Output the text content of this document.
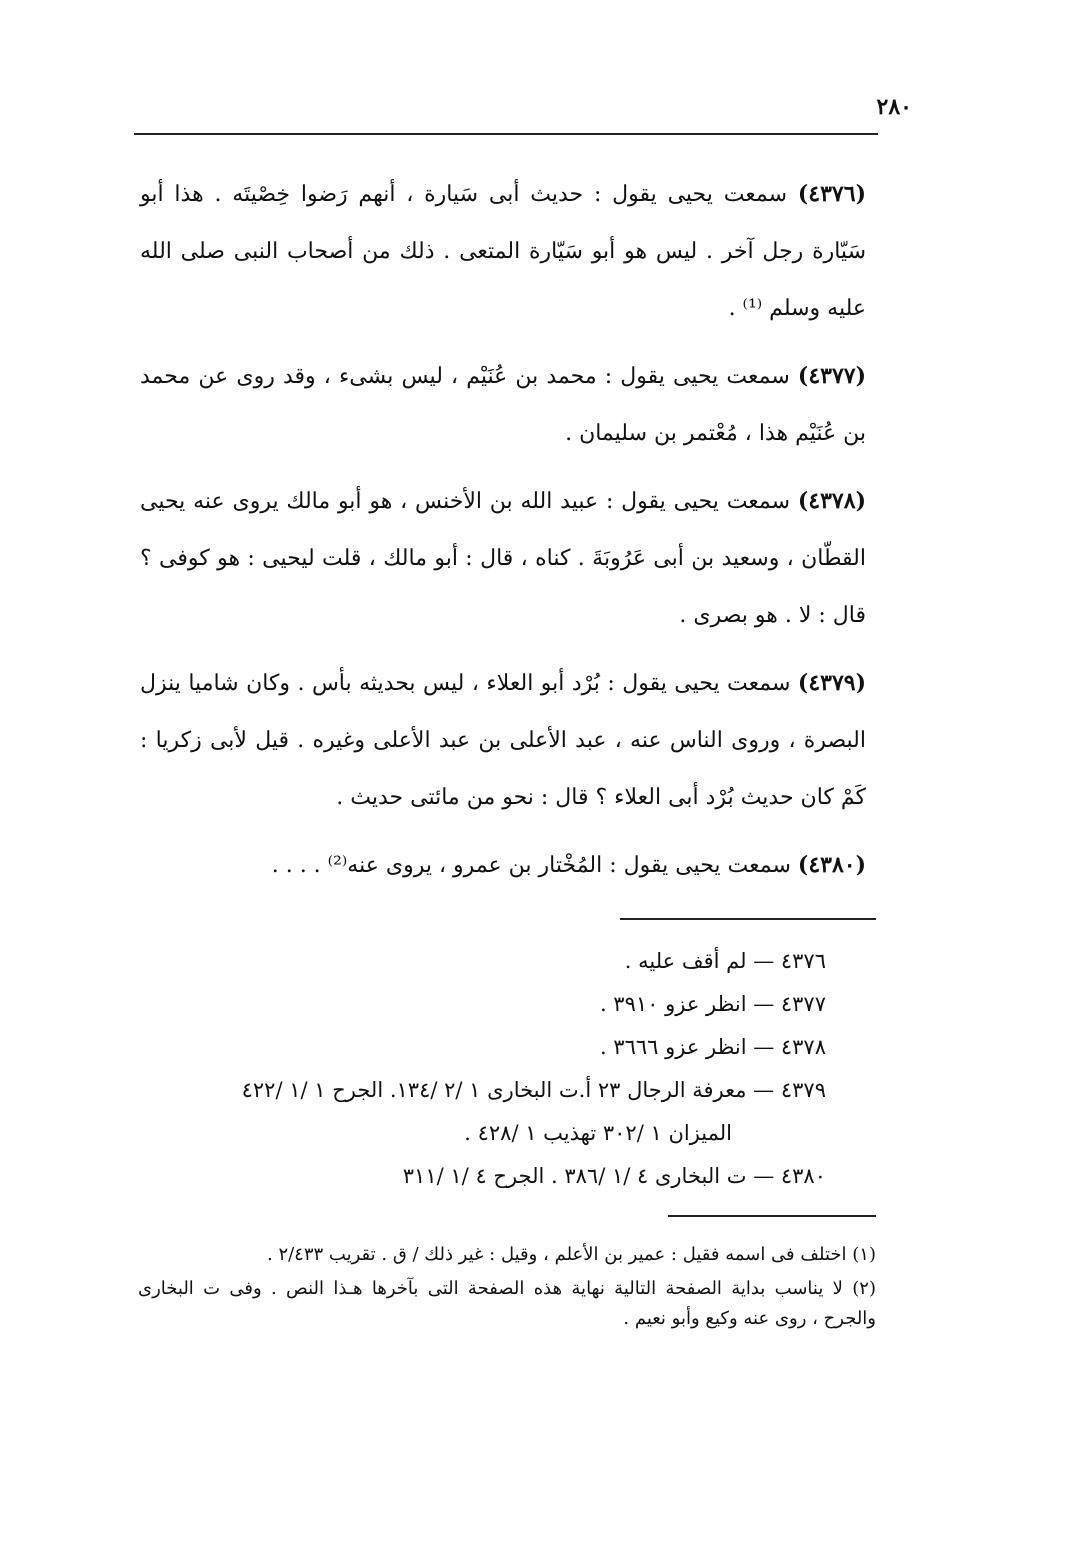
٢٨٠

(٤٣٧٦) سمعت يحيى يقول : حديث أبى سَيارة ، أنهم رَضوا خِصْيتَه . هذا أبو سَيّارة رجل آخر . ليس هو أبو سَيّارة المتعى . ذلك من أصحاب النبى صلى الله عليه وسلم ⁽¹⁾ .

(٤٣٧٧) سمعت يحيى يقول : محمد بن عُنَيْم ، ليس بشىء ، وقد روى عن محمد بن عُنَيْم هذا ، مُعْتمر بن سليمان .

(٤٣٧٨) سمعت يحيى يقول : عبيد الله بن الأخنس ، هو أبو مالك يروى عنه يحيى القطّان ، وسعيد بن أبى عَرُوبَةَ . كناه ، قال : أبو مالك ، قلت ليحيى : هو كوفى ؟ قال : لا . هو بصرى .

(٤٣٧٩) سمعت يحيى يقول : بُرْد أبو العلاء ، ليس بحديثه بأس . وكان شاميا ينزل البصرة ، وروى الناس عنه ، عبد الأعلى بن عبد الأعلى وغيره . قيل لأبى زكريا : كَمْ كان حديث بُرْد أبى العلاء ؟ قال : نحو من مائتى حديث .

(٤٣٨٠) سمعت يحيى يقول : المُخْتار بن عمرو ، يروى عنه⁽²⁾ . . . .

٤٣٧٦ — لم أقف عليه .
٤٣٧٧ — انظر عزو ٣٩١٠ .
٤٣٧٨ — انظر عزو ٣٦٦٦ .
٤٣٧٩ — معرفة الرجال ٢٣ أ.ت البخارى ١ /٢ /١٣٤. الجرح ١ /١ /٤٢٢
الميزان ١ /٣٠٢ تهذيب ١ /٤٢٨ .
٤٣٨٠ — ت البخارى ٤ /١ /٣٨٦ . الجرح ٤ /١ /٣١١

(١) اختلف فى اسمه فقيل : عمير بن الأعلم ، وقيل : غير ذلك / ق . تقريب ٢/٤٣٣ .

(٢) لا يناسب بداية الصفحة التالية نهاية هذه الصفحة التى بآخرها هـذا النص . وفى ت البخارى والجرح ، روى عنه وكيع وأبو نعيم .
